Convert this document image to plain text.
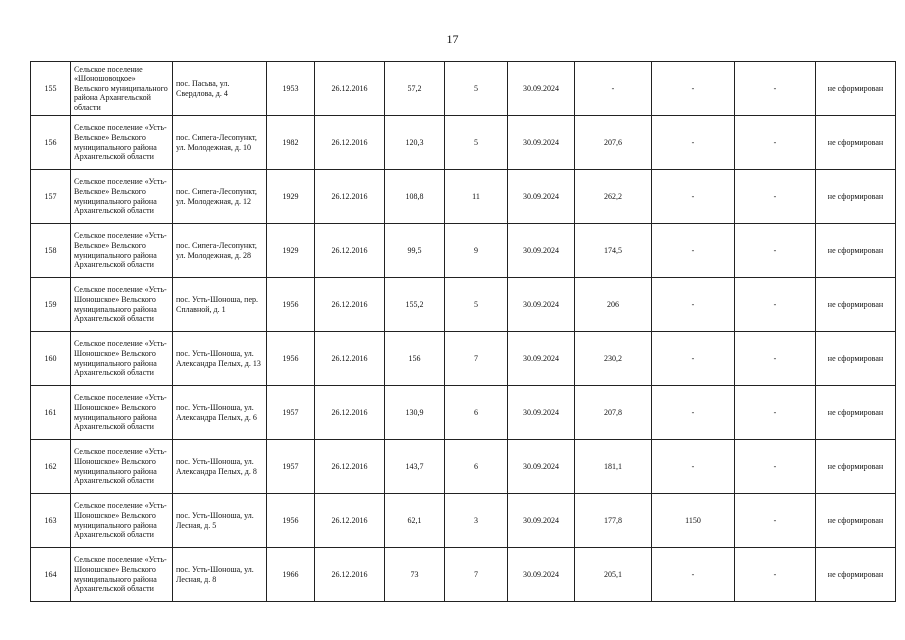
17
155	Сельское поселение «Шоношовоцкое» Вельского муниципального района Архангельской области	пос. Пасьва, ул. Свердлова, д. 4	1953	26.12.2016	57,2	5	30.09.2024	-	-	-	не сформирован
156	Сельское поселение «Усть-Вельское» Вельского муниципального района Архангельской области	пос. Сипега-Лесопункт, ул. Молодежная, д. 10	1982	26.12.2016	120,3	5	30.09.2024	207,6	-	-	не сформирован
157	Сельское поселение «Усть-Вельское» Вельского муниципального района Архангельской области	пос. Сипега-Лесопункт, ул. Молодежная, д. 12	1929	26.12.2016	108,8	11	30.09.2024	262,2	-	-	не сформирован
158	Сельское поселение «Усть-Вельское» Вельского муниципального района Архангельской области	пос. Сипега-Лесопункт, ул. Молодежная, д. 28	1929	26.12.2016	99,5	9	30.09.2024	174,5	-	-	не сформирован
159	Сельское поселение «Усть-Шоношское» Вельского муниципального района Архангельской области	пос. Усть-Шоноша, пер. Сплавной, д. 1	1956	26.12.2016	155,2	5	30.09.2024	206	-	-	не сформирован
160	Сельское поселение «Усть-Шоношское» Вельского муниципального района Архангельской области	пос. Усть-Шоноша, ул. Александра Пелых, д. 13	1956	26.12.2016	156	7	30.09.2024	230,2	-	-	не сформирован
161	Сельское поселение «Усть-Шоношское» Вельского муниципального района Архангельской области	пос. Усть-Шоноша, ул. Александра Пелых, д. 6	1957	26.12.2016	130,9	6	30.09.2024	207,8	-	-	не сформирован
162	Сельское поселение «Усть-Шоношское» Вельского муниципального района Архангельской области	пос. Усть-Шоноша, ул. Александра Пелых, д. 8	1957	26.12.2016	143,7	6	30.09.2024	181,1	-	-	не сформирован
163	Сельское поселение «Усть-Шоношское» Вельского муниципального района Архангельской области	пос. Усть-Шоноша, ул. Лесная, д. 5	1956	26.12.2016	62,1	3	30.09.2024	177,8	1150	-	не сформирован
164	Сельское поселение «Усть-Шоношское» Вельского муниципального района Архангельской области	пос. Усть-Шоноша, ул. Лесная, д. 8	1966	26.12.2016	73	7	30.09.2024	205,1	-	-	не сформирован
